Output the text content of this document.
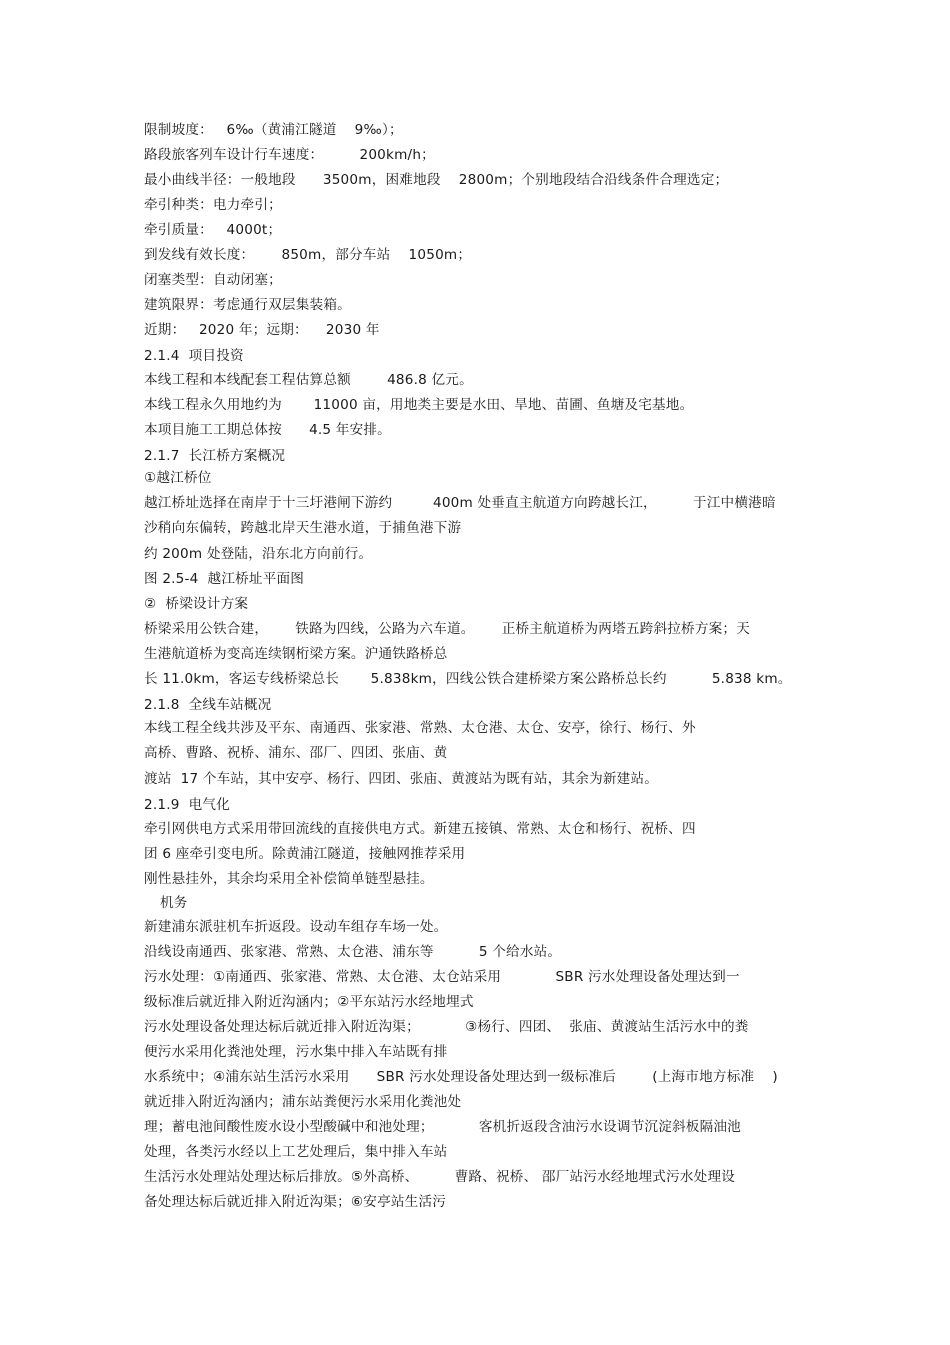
限制坡度：   6‰（黄浦江隧道    9‰）；

路段旅客列车设计行车速度：        200km/h；

最小曲线半径：一般地段      3500m，困难地段    2800m；个别地段结合沿线条件合理选定；

牵引种类：电力牵引；

牵引质量：   4000t；

到发线有效长度：      850m，部分车站    1050m；

闭塞类型：自动闭塞；

建筑限界：考虑通行双层集装箱。

近期：   2020 年；远期：    2030 年

2.1.4  项目投资

本线工程和本线配套工程估算总额        486.8 亿元。

本线工程永久用地约为       11000 亩，用地类主要是水田、旱地、苗圃、鱼塘及宅基地。

本项目施工工期总体按      4.5 年安排。

2.1.7  长江桥方案概况

①越江桥位

越江桥址选择在南岸于十三圩港闸下游约         400m 处垂直主航道方向跨越长江，        于江中横港暗

沙稍向东偏转，跨越北岸天生港水道，于捕鱼港下游

约 200m 处登陆，沿东北方向前行。

图 2.5-4  越江桥址平面图

②  桥梁设计方案

桥梁采用公铁合建，      铁路为四线，公路为六车道。      正桥主航道桥为两塔五跨斜拉桥方案；天

生港航道桥为变高连续钢桁梁方案。沪通铁路桥总

长 11.0km，客运专线桥梁总长       5.838km，四线公铁合建桥梁方案公路桥总长约          5.838 km。

2.1.8  全线车站概况

本线工程全线共涉及平东、南通西、张家港、常熟、太仓港、太仓、安亭，徐行、杨行、外

高桥、曹路、祝桥、浦东、邵厂、四团、张庙、黄

渡站  17 个车站，其中安亭、杨行、四团、张庙、黄渡站为既有站，其余为新建站。

2.1.9  电气化

牵引网供电方式采用带回流线的直接供电方式。新建五接镇、常熟、太仓和杨行、祝桥、四

团 6 座牵引变电所。除黄浦江隧道，接触网推荐采用

刚性悬挂外，其余均采用全补偿简单链型悬挂。

机务

新建浦东派驻机车折返段。设动车组存车场一处。

沿线设南通西、张家港、常熟、太仓港、浦东等          5 个给水站。

污水处理：①南通西、张家港、常熟、太仓港、太仓站采用            SBR 污水处理设备处理达到一

级标准后就近排入附近沟涵内；②平东站污水经地埋式

污水处理设备处理达标后就近排入附近沟渠；          ③杨行、四团、  张庙、黄渡站生活污水中的粪

便污水采用化粪池处理，污水集中排入车站既有排

水系统中；④浦东站生活污水采用      SBR 污水处理设备处理达到一级标准后        (上海市地方标准    )

就近排入附近沟涵内；浦东站粪便污水采用化粪池处

理；蓄电池间酸性废水设小型酸碱中和池处理；          客机折返段含油污水设调节沉淀斜板隔油池

处理，各类污水经以上工艺处理后，集中排入车站

生活污水处理站处理达标后排放。⑤外高桥、        曹路、祝桥、 邵厂站污水经地埋式污水处理设

备处理达标后就近排入附近沟渠；⑥安亭站生活污
